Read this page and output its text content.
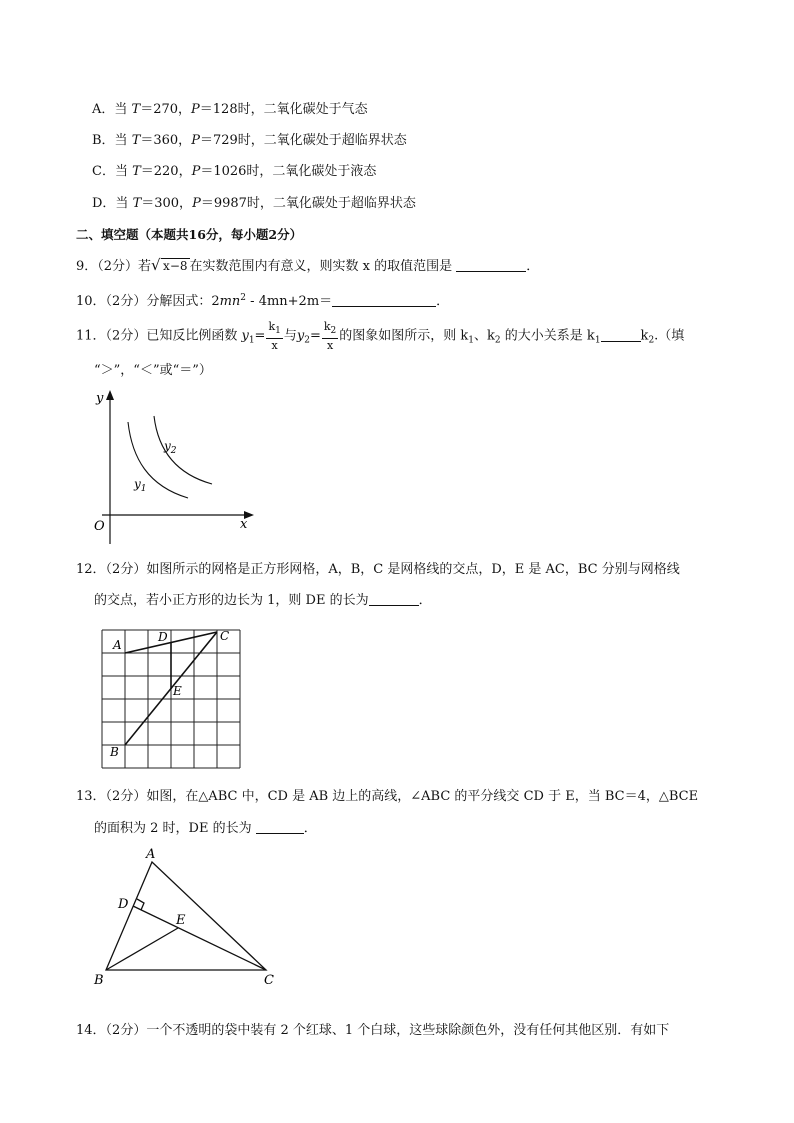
A．当 T＝270，P＝128时，二氧化碳处于气态
B．当 T＝360，P＝729时，二氧化碳处于超临界状态
C．当 T＝220，P＝1026时，二氧化碳处于液态
D．当 T＝300，P＝9987时，二氧化碳处于超临界状态
二、填空题（本题共16分，每小题2分）
9．（2分）若 √ x−8 在实数范围内有意义，则实数 x 的取值范围是	．
10．（2分）分解因式：$2mn^2 - 4mn+2m=$	．
11．（2分）已知反比例函数 $y_1= \frac{k_1}{x}$ 与$y_2= \frac{k_2}{x}$ 的图象如图所示，则 $k_1$、$k_2$ 的大小关系是 $k_1$	$k_2$.（填
“＞”，“＜”或“＝”）
y
x
O
$y_1$
$y_2$
12．（2分）如图所示的网格是正方形网格，A，B，C 是网格线的交点，D，E 是 AC，BC 分别与网格线
的交点，若小正方形的边长为 1，则 DE 的长为	．
A
D	C
E
B
13．（2分）如图，在△ABC 中，CD 是 AB 边上的高线，∠ABC 的平分线交 CD 于 E，当 BC＝4，△BCE
的面积为 2 时，DE 的长为	．
A
D
E
B	C
14．（2分）一个不透明的袋中装有 2 个红球、1 个白球，这些球除颜色外，没有任何其他区别．有如下
